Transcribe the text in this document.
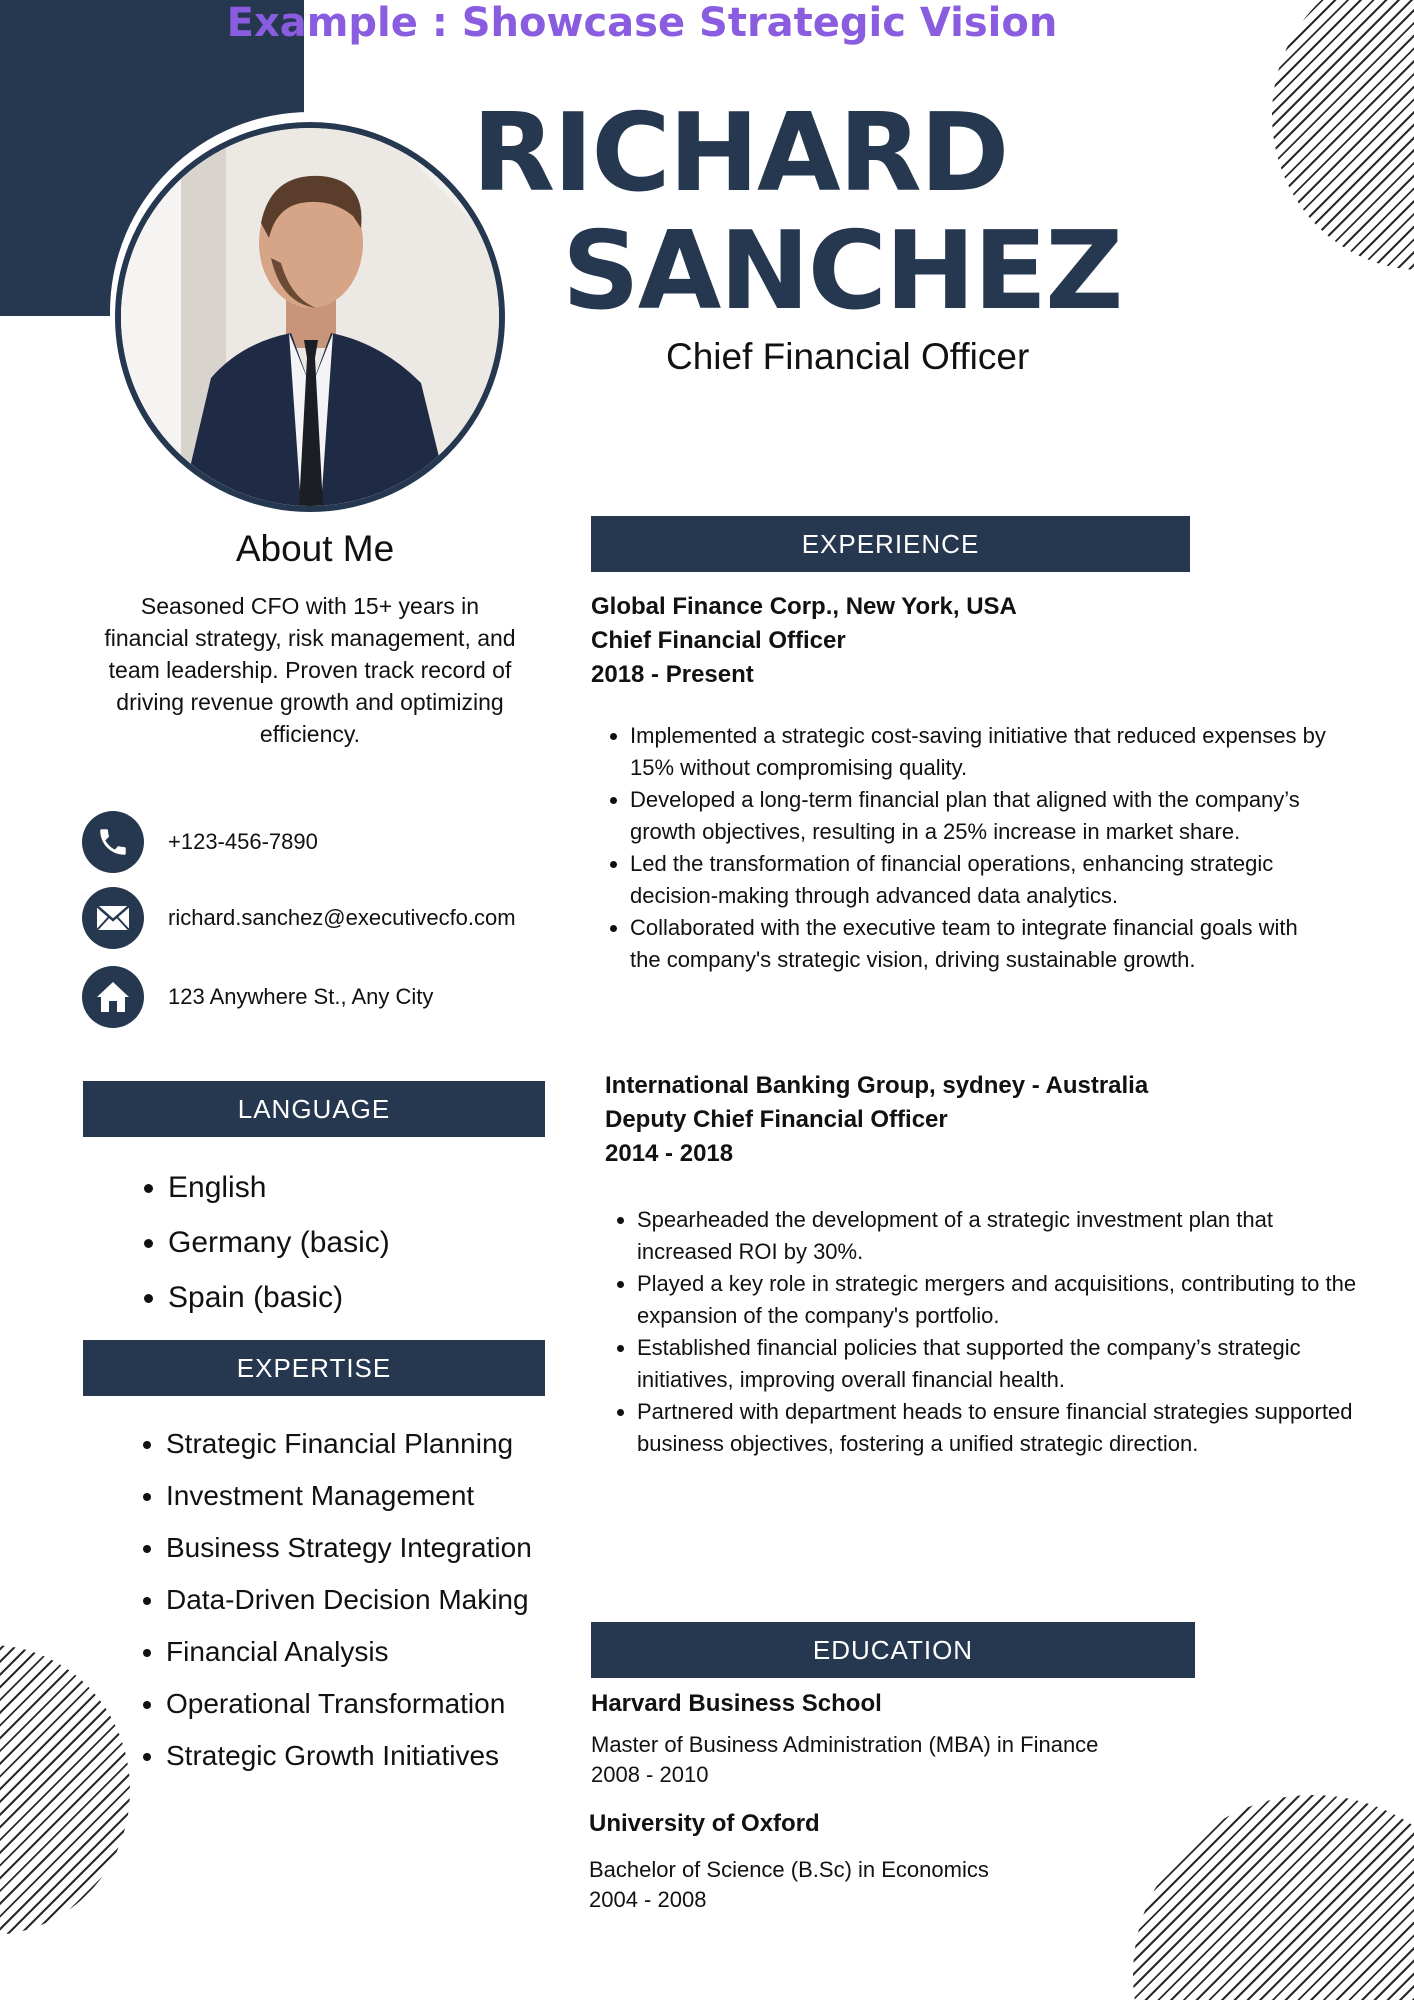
Example : Showcase Strategic Vision
RICHARD
SANCHEZ
Chief Financial Officer
About Me
Seasoned CFO with 15+ years in financial strategy, risk management, and team leadership. Proven track record of driving revenue growth and optimizing efficiency.
+123-456-7890
richard.sanchez@executivecfo.com
123 Anywhere St., Any City
LANGUAGE
• English
• Germany (basic)
• Spain (basic)
EXPERTISE
• Strategic Financial Planning
• Investment Management
• Business Strategy Integration
• Data-Driven Decision Making
• Financial Analysis
• Operational Transformation
• Strategic Growth Initiatives
EXPERIENCE
Global Finance Corp., New York, USA
Chief Financial Officer
2018 - Present
• Implemented a strategic cost-saving initiative that reduced expenses by 15% without compromising quality.
• Developed a long-term financial plan that aligned with the company’s growth objectives, resulting in a 25% increase in market share.
• Led the transformation of financial operations, enhancing strategic decision-making through advanced data analytics.
• Collaborated with the executive team to integrate financial goals with the company's strategic vision, driving sustainable growth.
International Banking Group, sydney - Australia
Deputy Chief Financial Officer
2014 - 2018
• Spearheaded the development of a strategic investment plan that increased ROI by 30%.
• Played a key role in strategic mergers and acquisitions, contributing to the expansion of the company's portfolio.
• Established financial policies that supported the company’s strategic initiatives, improving overall financial health.
• Partnered with department heads to ensure financial strategies supported business objectives, fostering a unified strategic direction.
EDUCATION
Harvard Business School
Master of Business Administration (MBA) in Finance
2008 - 2010
University of Oxford
Bachelor of Science (B.Sc) in Economics
2004 - 2008
